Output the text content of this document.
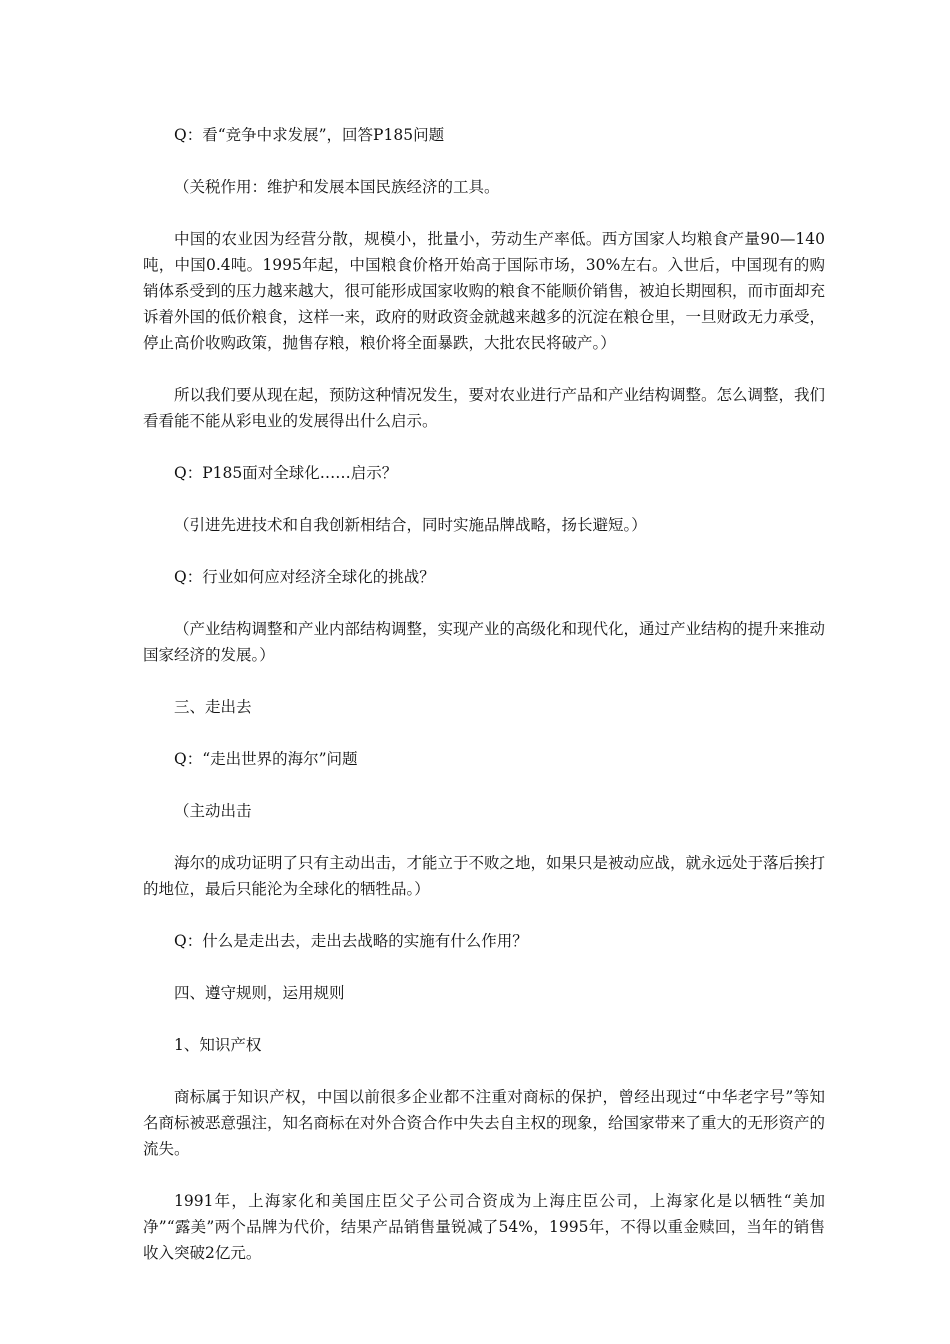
Q：看“竞争中求发展”，回答P185问题

（关税作用：维护和发展本国民族经济的工具。

中国的农业因为经营分散，规模小，批量小，劳动生产率低。西方国家人均粮食产量90—140吨，中国0.4吨。1995年起，中国粮食价格开始高于国际市场，30%左右。入世后，中国现有的购销体系受到的压力越来越大，很可能形成国家收购的粮食不能顺价销售，被迫长期囤积，而市面却充诉着外国的低价粮食，这样一来，政府的财政资金就越来越多的沉淀在粮仓里，一旦财政无力承受，停止高价收购政策，抛售存粮，粮价将全面暴跌，大批农民将破产。）

所以我们要从现在起，预防这种情况发生，要对农业进行产品和产业结构调整。怎么调整，我们看看能不能从彩电业的发展得出什么启示。

Q：P185面对全球化……启示？

（引进先进技术和自我创新相结合，同时实施品牌战略，扬长避短。）

Q：行业如何应对经济全球化的挑战？

（产业结构调整和产业内部结构调整，实现产业的高级化和现代化，通过产业结构的提升来推动国家经济的发展。）

三、走出去

Q：“走出世界的海尔”问题

（主动出击

海尔的成功证明了只有主动出击，才能立于不败之地，如果只是被动应战，就永远处于落后挨打的地位，最后只能沦为全球化的牺牲品。）

Q：什么是走出去，走出去战略的实施有什么作用？

四、遵守规则，运用规则

1、知识产权

商标属于知识产权，中国以前很多企业都不注重对商标的保护，曾经出现过“中华老字号”等知名商标被恶意强注，知名商标在对外合资合作中失去自主权的现象，给国家带来了重大的无形资产的流失。

1991年，上海家化和美国庄臣父子公司合资成为上海庄臣公司，上海家化是以牺牲“美加净”“露美”两个品牌为代价，结果产品销售量锐减了54%，1995年，不得以重金赎回，当年的销售收入突破2亿元。
